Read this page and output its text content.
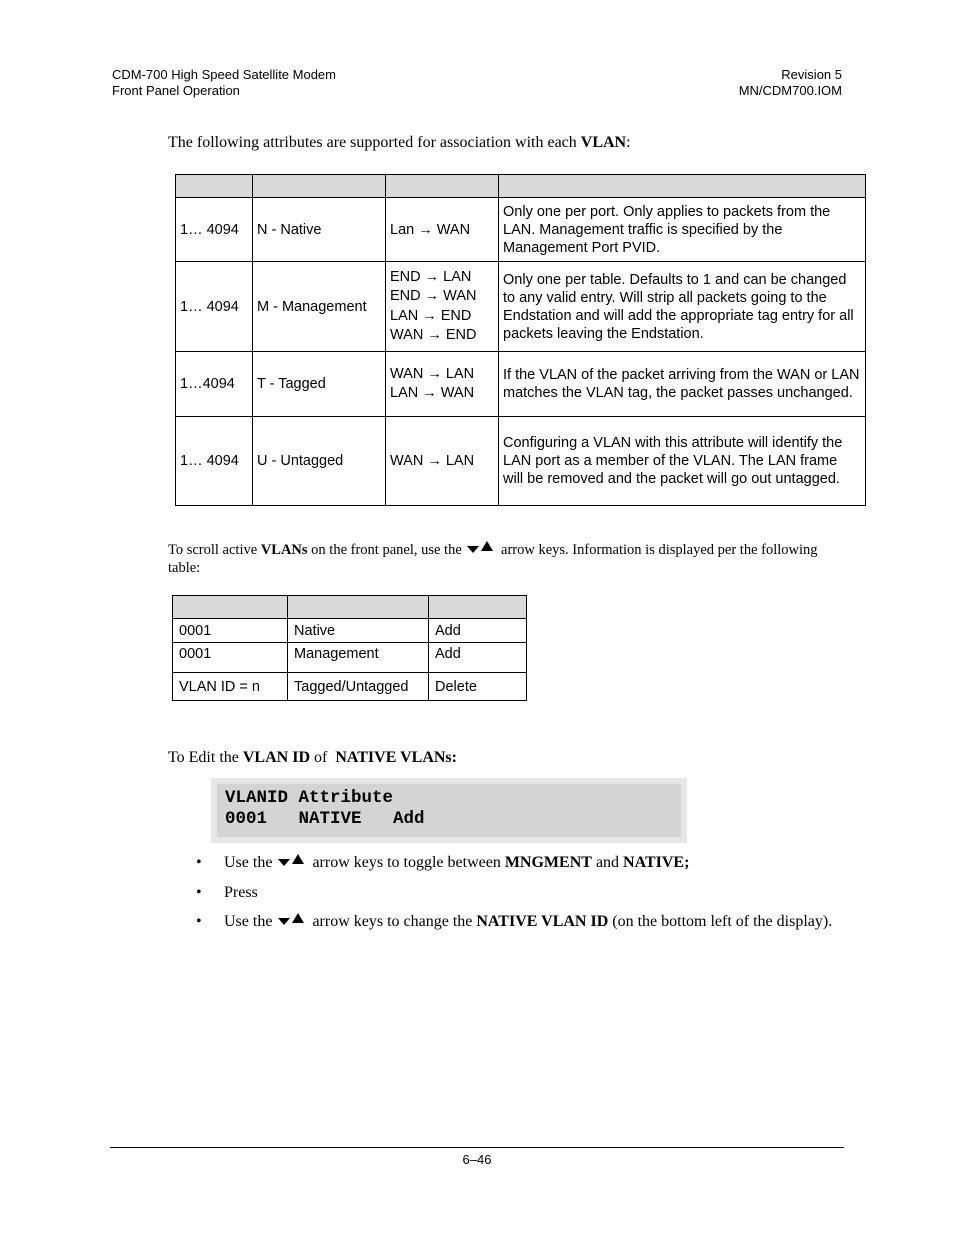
CDM-700 High Speed Satellite Modem
Front Panel Operation
Revision 5
MN/CDM700.IOM
The following attributes are supported for association with each VLAN:

1… 4094	N - Native	Lan → WAN	Only one per port. Only applies to packets from the LAN. Management traffic is specified by the Management Port PVID.
1… 4094	M - Management	END → LAN
END → WAN
LAN → END
WAN → END	Only one per table. Defaults to 1 and can be changed to any valid entry. Will strip all packets going to the Endstation and will add the appropriate tag entry for all packets leaving the Endstation.
1…4094	T - Tagged	WAN → LAN
LAN → WAN	If the VLAN of the packet arriving from the WAN or LAN matches the VLAN tag, the packet passes unchanged.
1… 4094	U - Untagged	WAN → LAN	Configuring a VLAN with this attribute will identify the LAN port as a member of the VLAN. The LAN frame will be removed and the packet will go out untagged.
To scroll active VLANs on the front panel, use the
arrow keys. Information is displayed per the following table:

0001	Native	Add
0001	Management	Add
VLAN ID = n	Tagged/Untagged	Delete
To Edit the VLAN ID of  NATIVE VLANs:
VLANID Attribute
0001   NATIVE   Add
• Use the
arrow keys to toggle between MNGMENT and NATIVE;
• Press
• Use the
arrow keys to change the NATIVE VLAN ID (on the bottom left of the display).
6–46
